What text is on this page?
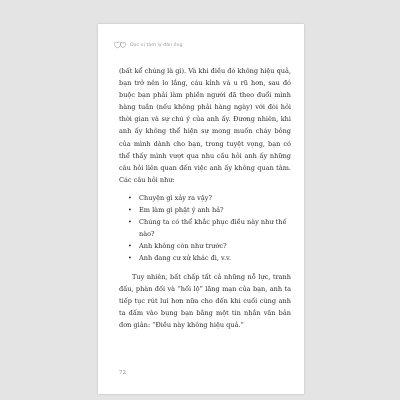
Đọc vị tâm lý đàn ông

(bất kể chúng là gì). Và khi điều đó không hiệu quả, bạn trở nên lo lắng, cáu kỉnh và u rũ hơn, sau đó buộc bạn phải làm phiền người đã theo đuổi mình hàng tuần (nếu không phải hàng ngày) với đòi hỏi thời gian và sự chú ý của anh ấy. Đương nhiên, khi anh ấy không thể hiện sự mong muốn cháy bỏng của mình dành cho bạn, trong tuyệt vọng, bạn có thể thấy mình vượt qua nhu cầu hỏi anh ấy những câu hỏi liên quan đến việc anh ấy không quan tâm. Các câu hỏi như:

• Chuyện gì xảy ra vậy?
• Em làm gì phật ý anh hả?
• Chúng ta có thể khắc phục điều này như thế nào?
• Anh không còn như trước?
• Anh đang cư xử khác đi, v.v.

Tuy nhiên, bất chấp tất cả những nỗ lực, tranh đấu, phàn đối và “hối lộ” lãng mạn của bạn, anh ta tiếp tục rút lui hơn nữa cho đến khi cuối cùng anh ta đấm vào bụng bạn bằng một tin nhắn văn bản đơn giản: “Điều này không hiệu quả.”

72
